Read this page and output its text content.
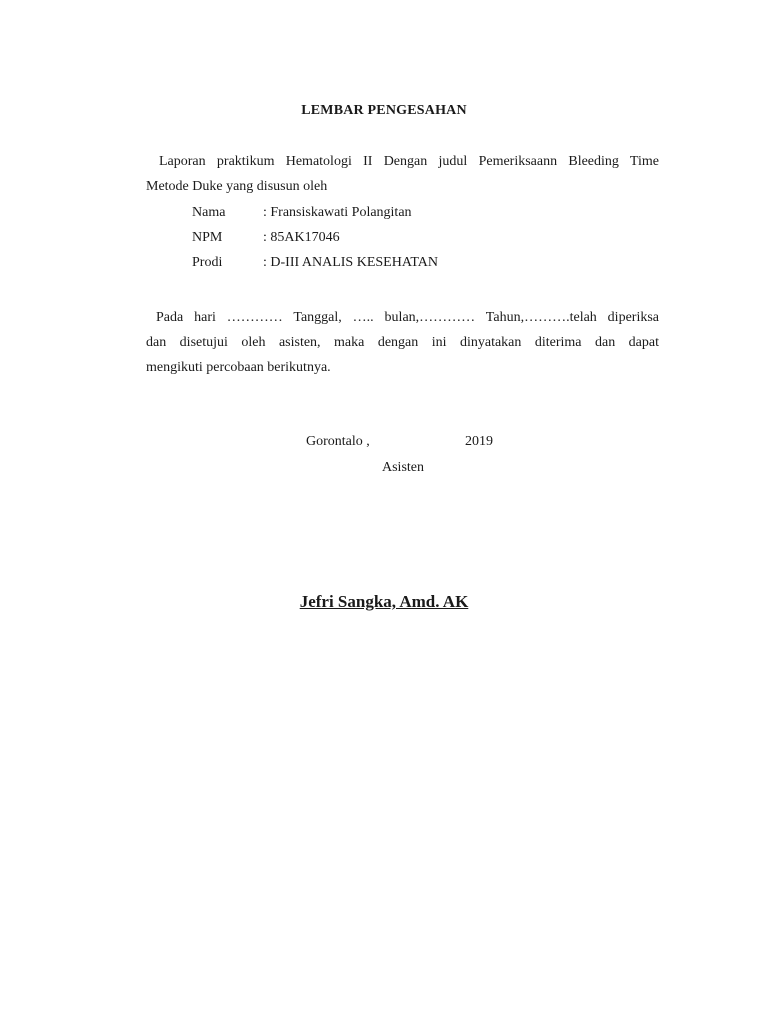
LEMBAR PENGESAHAN
Laporan praktikum Hematologi II Dengan judul Pemeriksaann Bleeding Time
Metode Duke yang disusun oleh
Nama	: Fransiskawati Polangitan
NPM	: 85AK17046
Prodi	: D-III ANALIS KESEHATAN
Pada hari ………… Tanggal, ….. bulan,………… Tahun,……….telah diperiksa
dan disetujui oleh asisten, maka dengan ini dinyatakan diterima dan dapat
mengikuti percobaan berikutnya.
Gorontalo ,	2019
Asisten
Jefri Sangka, Amd. AK
